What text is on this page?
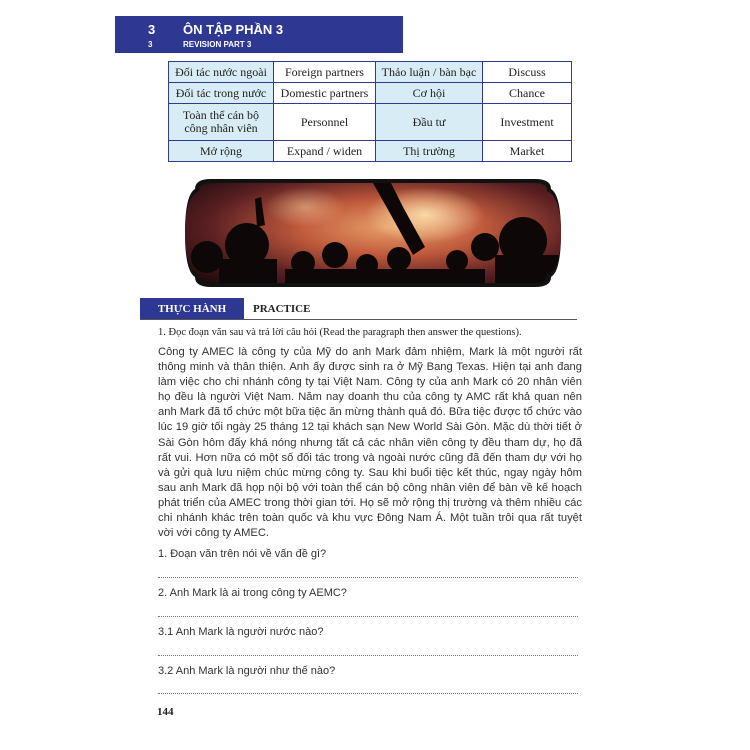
3 ÔN TẬP PHẦN 3
3	REVISION PART 3
Đối tác nước ngoài	Foreign partners	Thảo luận / bàn bạc	Discuss
Đối tác trong nước	Domestic partners	Cơ hội	Chance
Toàn thể cán bộ công nhân viên	Personnel	Đầu tư	Investment
Mở rộng	Expand / widen	Thị trường	Market
THỰC HÀNH	PRACTICE
1. Đọc đoạn văn sau và trả lời câu hỏi (Read the paragraph then answer the questions).

Công ty AMEC là công ty của Mỹ do anh Mark đảm nhiệm, Mark là một người rất thông minh và thân thiện. Anh ấy được sinh ra ở Mỹ Bang Texas. Hiện tại anh đang làm việc cho chi nhánh công ty tại Việt Nam. Công ty của anh Mark có 20 nhân viên họ đều là người Việt Nam. Năm nay doanh thu của công ty AMC rất khả quan nên anh Mark đã tổ chức một bữa tiệc ăn mừng thành quả đó. Bữa tiệc được tổ chức vào lúc 19 giờ tối ngày 25 tháng 12 tại khách sạn New World Sài Gòn. Mặc dù thời tiết ở Sài Gòn hôm đấy khá nóng nhưng tất cả các nhân viên công ty đều tham dự, họ đã rất vui. Hơn nữa có một số đối tác trong và ngoài nước cũng đã đến tham dự với họ và gửi quà lưu niệm chúc mừng công ty. Sau khi buổi tiệc kết thúc, ngay ngày hôm sau anh Mark đã họp nội bộ với toàn thể cán bộ công nhân viên để bàn về kế hoạch phát triển của AMEC trong thời gian tới. Họ sẽ mở rộng thị trường và thêm nhiều các chi nhánh khác trên toàn quốc và khu vực Đông Nam Á. Một tuần trôi qua rất tuyệt vời với công ty AMEC.

1. Đoạn văn trên nói về vấn đề gì?
2. Anh Mark là ai trong công ty AEMC?
3.1 Anh Mark là người nước nào?
3.2 Anh Mark là người như thế nào?
144
